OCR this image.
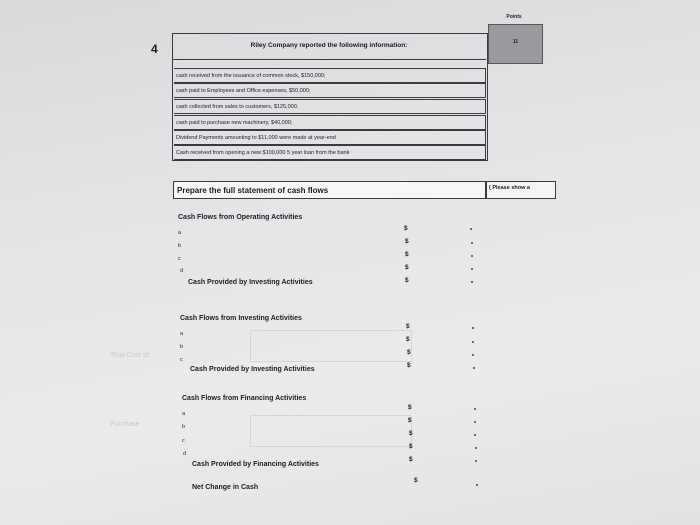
4
Points
11
Riley Company reported the following information:
cash received from the issuance of common stock, $150,000;
cash paid to Employees and Office expenses, $50,000;
cash collected from sales to customers, $125,000.
cash paid to purchase new machinery, $40,000;
Dividend Payments amounting to $11,000 were made at year-end
Cash received from opening a new $100,000 5 year loan from the bank
Prepare the full statement of cash flows	( Please show a
Total Cost of
Purchase
Cash Flows from Operating Activities
a
b
c
d
Cash Provided by Investing Activities
$
$
$
$
$
Cash Flows from Investing Activities
a
b
c
Cash Provided by Investing Activities
$
$
$
$
Cash Flows from Financing Activities
a
b
c
d
Cash Provided by Financing Activities
$
$
$
$
$
Net Change in Cash
$
